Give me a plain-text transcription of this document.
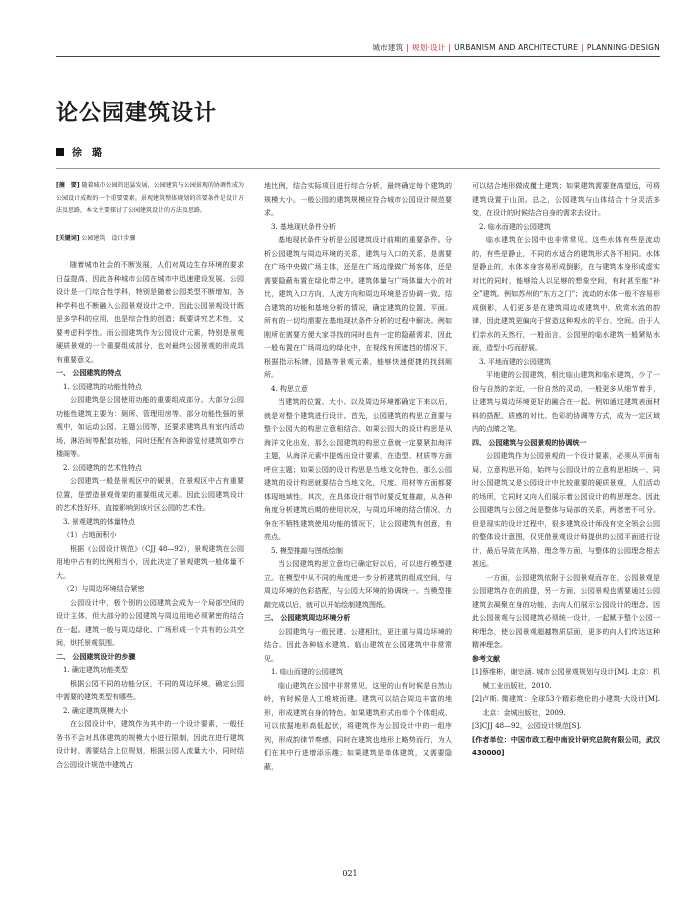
城市建筑 | 规划·设计 | URBANISM AND ARCHITECTURE | PLANNING·DESIGN
论公园建筑设计
徐　璐

[摘　要] 随着城市公园的迅猛发展，公园建筑与公园景观的协调性成为公园设计成败的一个重要要素。景观建筑整体规划的首要条件是设计方法及思路，本文主要探讨了公园建筑设计的方法及思路。

[关键词] 公园建筑　设计步骤

随着城市社会的不断发展，人们对周边生存环境的要求日益提高，因此各种城市公园在城市中迅速建设发展。公园设计是一门综合性学科，特别是随着公园类型不断增加，各种学科也不断融入公园景观设计之中，因此公园景观设计既是多学科的应用，也是综合性的创造；既要讲究艺术性，又要考虑科学性。而公园建筑作为公园设计元素，特别是景观硬质景观的一个重要组成部分，也对最终公园景观的形成具有重要意义。

一、 公园建筑的特点

1. 公园建筑的功能性特点

公园建筑是公园使用功能的重要组成部分。大部分公园功能性建筑主要为：厕所、管理用房等。部分功能性强的景观中，如运动公园、主题公园等，还要求建筑具有室内活动场，淋浴间等配套功能，同时还配有各种游览付建筑如亭台楼阁等。

2. 公园建筑的艺术性特点

公园建筑一般是景观区中的硬景，在景观区中占有重要位置，是塑造景观骨架的重要组成元素。因此公园建筑设计的艺术性好坏，直接影响到该片区公园的艺术性。

3. 景观建筑的体量特点

（1）占地面积小

根据《公园设计规范》（CJJ 48—92），景观建筑在公园用地中占有的比例相当小，因此决定了景观建筑一般体量不大。

（2）与周边环境结合紧密

公园设计中，极个别的公园建筑会成为一个局部空间的设计主体，但大部分的公园建筑与周边用地必须紧密的结合在一起。建筑一般与周边绿化、广场形成一个共有的公共空间，烘托景观氛围。

二、 公园建筑设计的步骤

1. 确定建筑功能类型

根据公园不同的功能分区，不同的周边环境，确定公园中需要的建筑类型有哪些。

2. 确定建筑规模大小

在公园设计中，建筑作为其中的一个设计要素，一般任务书不会对具体建筑的规模大小进行限制，因此在进行建筑设计时，需要结合上位规划，根据公园人流量大小，同时结合公园设计规范中建筑占

地比例，结合实际项目进行综合分析，最终确定每个建筑的规模大小。一般公园的建筑规模应符合城市公园设计规范要求。

3. 基地现状条件分析

基地现状条件分析是公园建筑设计前期的重要条件。分析公园建筑与周边环境的关系，建筑与入口的关系，是需要在广场中央做广场主体，还是在广场边缘做广场客体，还是需要隐蔽布置在绿化带之中。建筑体量与广场体量大小的对比，建筑入口方向，人流方向和周边环境是否协调一致。结合建筑的功能和基地分析的情况，确定建筑的位置、平面。所有的一切均需要在基地现状条件分析的过程中解决。例如刚所在需要方便大家寻找的同时也有一定的隐蔽需求，因此一般布置在广场周边的绿化中，在视线有所遮挡的情况下，根据指示标牌，园路等景观元素，能够快速便捷的找到厕所。

4. 构思立意

当建筑的位置、大小、以及周边环境都确定下来以后，就是对整个建筑进行设计。首先，公园建筑的构思立意要与整个公园大的构思立意相结合。如果公园大的设计构思是从海洋文化出发，那么公园建筑的构思立意就一定要紧扣海洋主题，从海洋元素中提炼出设计要素，在造型、材质等方面呼应主题；如果公园的设计构思是当地文化特色，那么公园建筑的设计构思就要结合当地文化，尺度、用材等方面都要体现地域性。其次，在具体设计细节时要反复推敲，从各种角度分析建筑后期的使用状况，与周边环境的结合情况，力争在不牺牲建筑使用功能的情况下，让公园建筑有创意，有亮点。

5. 模型推敲与图纸绘制

当公园建筑构思立意均已确定好以后，可以进行模型建立。在模型中从不同的角度进一步分析建筑的组成空间，与周边环境的色彩搭配，与公园大环境的协调统一。当模型推敲完成以后，就可以开始绘制建筑图纸。

三、 公园建筑周边环境分析

公园建筑与一般民建、公建相比，更注重与周边环境的结合。因此各种临水建筑、临山建筑在公园建筑中非常常见。

1. 临山而建的公园建筑

临山建筑在公园中非常常见，这里的山有时候是自然山岭，有时候是人工堆坡而建。建筑可以结合周边丰富的地形，形成建筑自身的特色。如果建筑形式由单个个体组成，可以依据地形高低起伏，将建筑作为公园设计中的一组序列，形成韵律节奏感，同时在建筑也地形上略势而行，为人们在其中行进增添乐趣；如果建筑是单体建筑，又需要隐蔽，

可以结合地形做成覆土建筑；如果建筑需要登高望远，可将建筑设置于山顶。总之，公园建筑与山体结合十分灵活多变，在设计的时候结合自身的需求去设计。

2. 临水而建的公园建筑

临水建筑在公园中也非常常见。这些水体有些是流动的，有些是静止，不同的水适合的建筑形式各不相同。水体是静止的，水体本身容易形成倒影，在与建筑本身形成虚实对比的同时，能够给人以足够的想象空间，有时甚至能“补全”建筑。例如苏州的“东方之门”；流动的水体一般不容易形成倒影，人们更多是在建筑周边或建筑中，欣赏水流的韵律，因此建筑更偏向于营造这种观水的平台、空间。由于人们亲水的天然行，一般而言，公园里的临水建筑一般紧贴水面，造型小巧而舒展。

3. 平地而建的公园建筑

平地建的公园建筑，相比临山建筑和临水建筑，少了一份与自然的亲近，一份自然的灵动，一般更多从细节着手，让建筑与周边环境更好的融合在一起。例如通过建筑表面材料的搭配、质感的对比、色彩的协调等方式，成为一定区域内的点睛之笔。

四、 公园建筑与公园景观的协调统一

公园建筑作为公园景观的一个设计要素，必须从平面布局，立意构思开始，始终与公园设计的立意构思相统一，同时公园建筑又是公园设计中比较重要的硬质景观，人们活动的场所，它同时又向人们展示着公园设计的构思理念。因此公园建筑与公园之间是整体与局部的关系，两者密不可分。但是现实的设计过程中，很多建筑设计师没有完全领会公园的整体设计意图，仅凭借景观设计师提供的公园平面进行设计，最后导致在风格，理念等方面，与整体的公园理念相去甚远。

一方面，公园建筑依附于公园景观而存在，公园景观是公园建筑存在的前提，另一方面，公园景观也需要通过公园建筑去凝聚在身的功能，去向人们展示公园设计的理念。因此公园景观与公园建筑必须统一设计，一起赋予整个公园一种理念，使公园景观超越物质层面，更多的向人们传达这种精神理念。

参考文献

[1]蔡维彬，谢宗涵. 城市公园景观规划与设计[M]. 北京：机械工业出版社，2010.

[2]卢斯. 微建筑：全球53个精彩绝伦的小建筑·大设计[M]. 北京：金城出版社，2009.

[3]CJJ 48—92，公园设计规范[S].

[作者单位：中国市政工程中南设计研究总院有限公司，武汉 430000]

021
